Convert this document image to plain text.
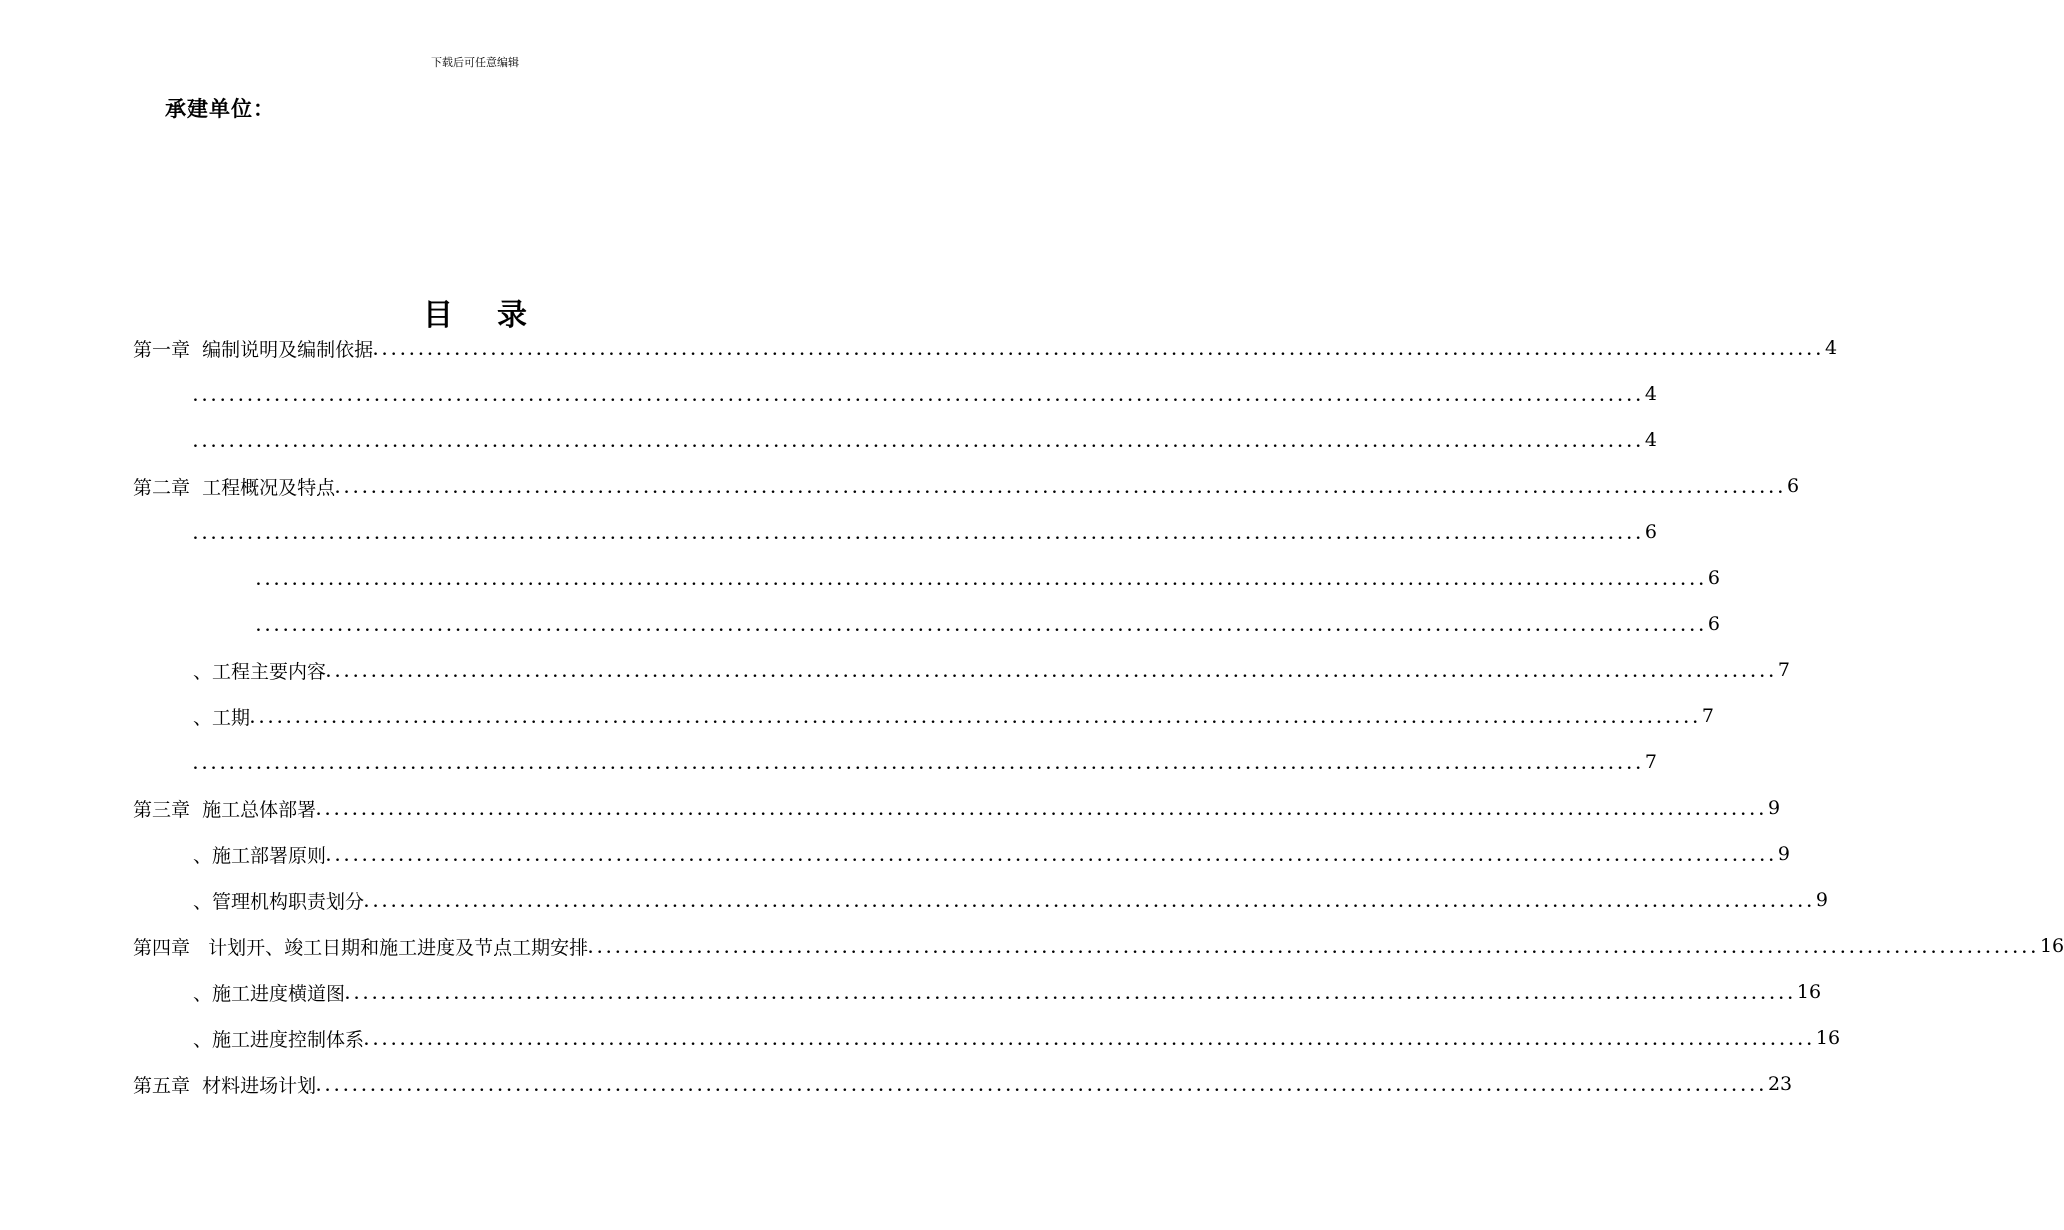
下载后可任意编辑
承建单位：
目录
第一章  编制说明及编制依据 ................................................................................................................................................................ 4
................................................................................................................................................................ 4
................................................................................................................................................................ 4
第二章  工程概况及特点 ................................................................................................................................................................ 6
................................................................................................................................................................ 6
................................................................................................................................................................ 6
................................................................................................................................................................ 6
、工程主要内容 ................................................................................................................................................................ 7
、工期 ................................................................................................................................................................ 7
................................................................................................................................................................ 7
第三章  施工总体部署 ................................................................................................................................................................ 9
、施工部署原则 ................................................................................................................................................................ 9
、管理机构职责划分 ................................................................................................................................................................ 9
第四章   计划开、竣工日期和施工进度及节点工期安排 ................................................................................................................................................................ 16
、施工进度横道图 ................................................................................................................................................................ 16
、施工进度控制体系 ................................................................................................................................................................ 16
第五章  材料进场计划 ................................................................................................................................................................ 23
